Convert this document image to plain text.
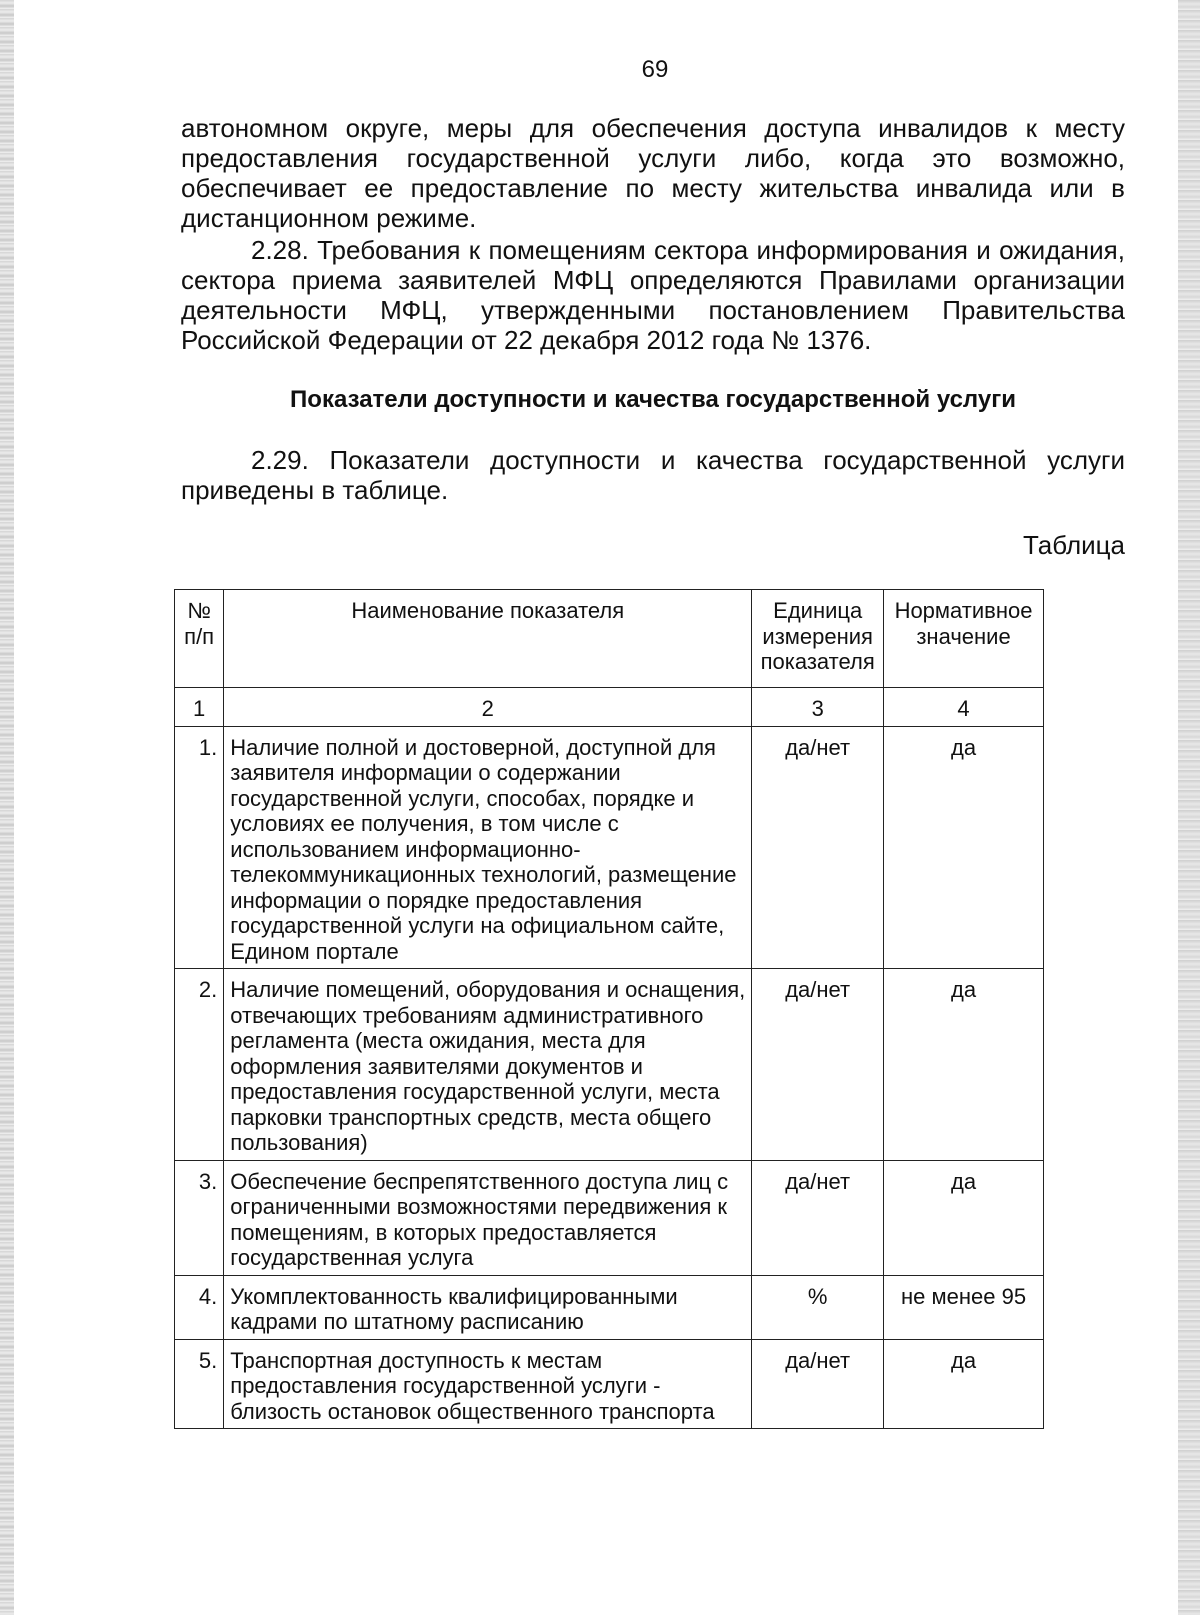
69

автономном округе, меры для обеспечения доступа инвалидов к месту предоставления государственной услуги либо, когда это возможно, обеспечивает ее предоставление по месту жительства инвалида или в дистанционном режиме.

2.28. Требования к помещениям сектора информирования и ожидания, сектора приема заявителей МФЦ определяются Правилами организации деятельности МФЦ, утвержденными постановлением Правительства Российской Федерации от 22 декабря 2012 года № 1376.

Показатели доступности и качества государственной услуги

2.29. Показатели доступности и качества государственной услуги приведены в таблице.

Таблица
№ п/п	Наименование показателя	Единица измерения показателя	Нормативное значение
1	2	3	4
1.	Наличие полной и достоверной, доступной для заявителя информации о содержании государственной услуги, способах, порядке и условиях ее получения, в том числе с использованием информационно-телекоммуникационных технологий, размещение информации о порядке предоставления государственной услуги на официальном сайте, Едином портале	да/нет	да
2.	Наличие помещений, оборудования и оснащения, отвечающих требованиям административного регламента (места ожидания, места для оформления заявителями документов и предоставления государственной услуги, места парковки транспортных средств, места общего пользования)	да/нет	да
3.	Обеспечение беспрепятственного доступа лиц с ограниченными возможностями передвижения к помещениям, в которых предоставляется государственная услуга	да/нет	да
4.	Укомплектованность квалифицированными кадрами по штатному расписанию	%	не менее 95
5.	Транспортная доступность к местам предоставления государственной услуги - близость остановок общественного транспорта	да/нет	да
